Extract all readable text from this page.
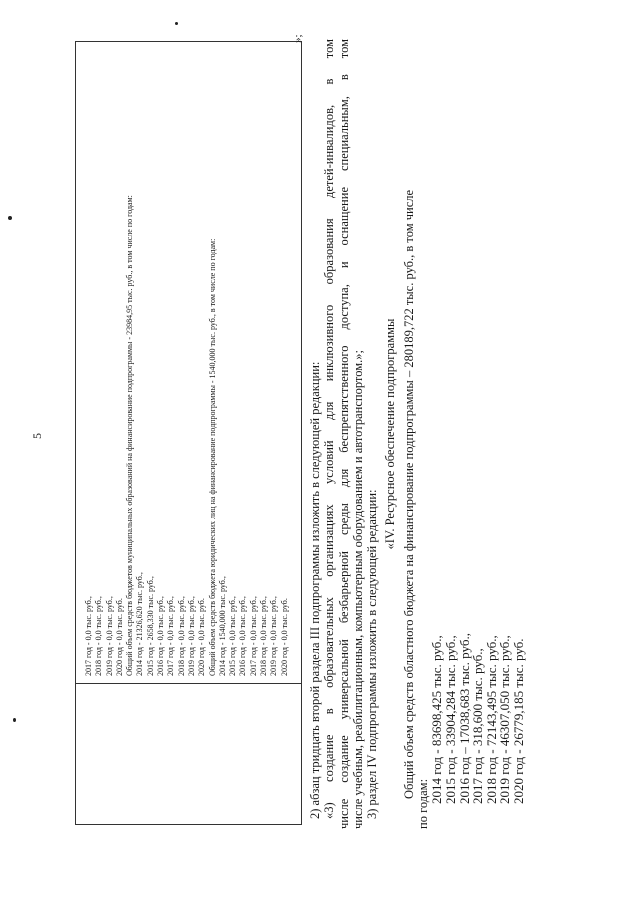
5
2017 год - 0,0 тыс. руб., 2018 год - 0,0 тыс. руб., 2019 год - 0,0 тыс. руб., 2020 год - 0,0 тыс. руб. Общий объем средств бюджетов муниципальных образований на финансирование подпрограммы - 23984,95 тыс. руб., в том числе по годам: 2014 год - 21326,620 тыс. руб., 2015 год - 2658,330 тыс. руб., 2016 год - 0,0 тыс. руб., 2017 год - 0,0 тыс. руб., 2018 год - 0,0 тыс. руб., 2019 год - 0,0 тыс. руб., 2020 год - 0,0 тыс. руб. Общий объем средств бюджета юридических лиц на финансирование подпрограммы - 1540,000 тыс. руб., в том числе по годам: 2014 год - 1540,000 тыс. руб., 2015 год - 0,0 тыс. руб., 2016 год - 0,0 тыс. руб., 2017 год - 0,0 тыс. руб., 2018 год - 0,0 тыс. руб., 2019 год - 0,0 тыс. руб., 2020 год - 0,0 тыс. руб.
»;

2) абзац тридцать второй раздела III подпрограммы изложить в следующей редакции: «3) создание в образовательных организациях условий для инклюзивного образования детей-инвалидов, в том числе создание универсальной безбарьерной среды для беспрепятственного доступа, и оснащение специальным, в том числе учебным, реабилитационным, компьютерным оборудованием и автотранспортом.»; 3) раздел IV подпрограммы изложить в следующей редакции:

«IV. Ресурсное обеспечение подпрограммы Общий объем средств областного бюджета на финансирование подпрограммы – 280189,722 тыс. руб., в том числе

по годам: 2014 год - 83698,425 тыс. руб.,
2015 год - 33904,284 тыс. руб.,
2016 год – 17038,683 тыс. руб.,
2017 год - 318,600 тыс. руб.,
2018 год - 72143,495 тыс. руб.,
2019 год - 46307,050 тыс. руб.,
2020 год - 26779,185 тыс. руб.
